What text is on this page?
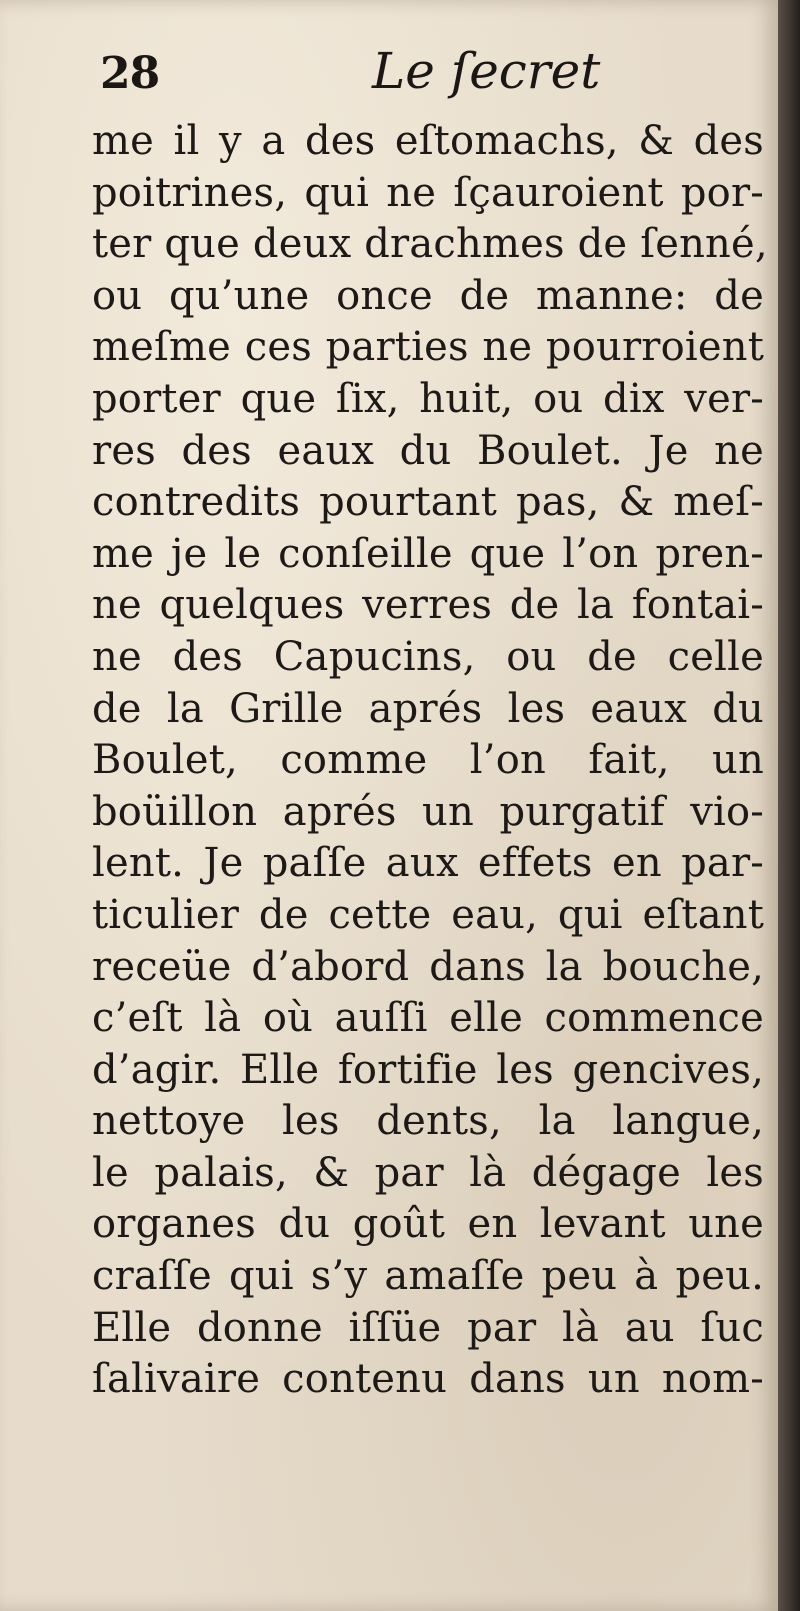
28	Le ſecret
me il y a des eſtomachs, & des
poitrines, qui ne ſçauroient por-
ter que deux drachmes de ſenné,
ou qu’une once de manne: de
meſme ces parties ne pourroient
porter que ſix, huit, ou dix ver-
res des eaux du Boulet. Je ne
contredits pourtant pas, & meſ-
me je le conſeille que l’on pren-
ne quelques verres de la fontai-
ne des Capucins, ou de celle
de la Grille aprés les eaux du
Boulet, comme l’on fait, un
boüillon aprés un purgatif vio-
lent. Je paſſe aux effets en par-
ticulier de cette eau, qui eſtant
receüe d’abord dans la bouche,
c’eſt là où auſſi elle commence
d’agir. Elle fortifie les gencives,
nettoye les dents, la langue,
le palais, & par là dégage les
organes du goût en levant une
craſſe qui s’y amaſſe peu à peu.
Elle donne iſſüe par là au ſuc
ſalivaire contenu dans un nom-
